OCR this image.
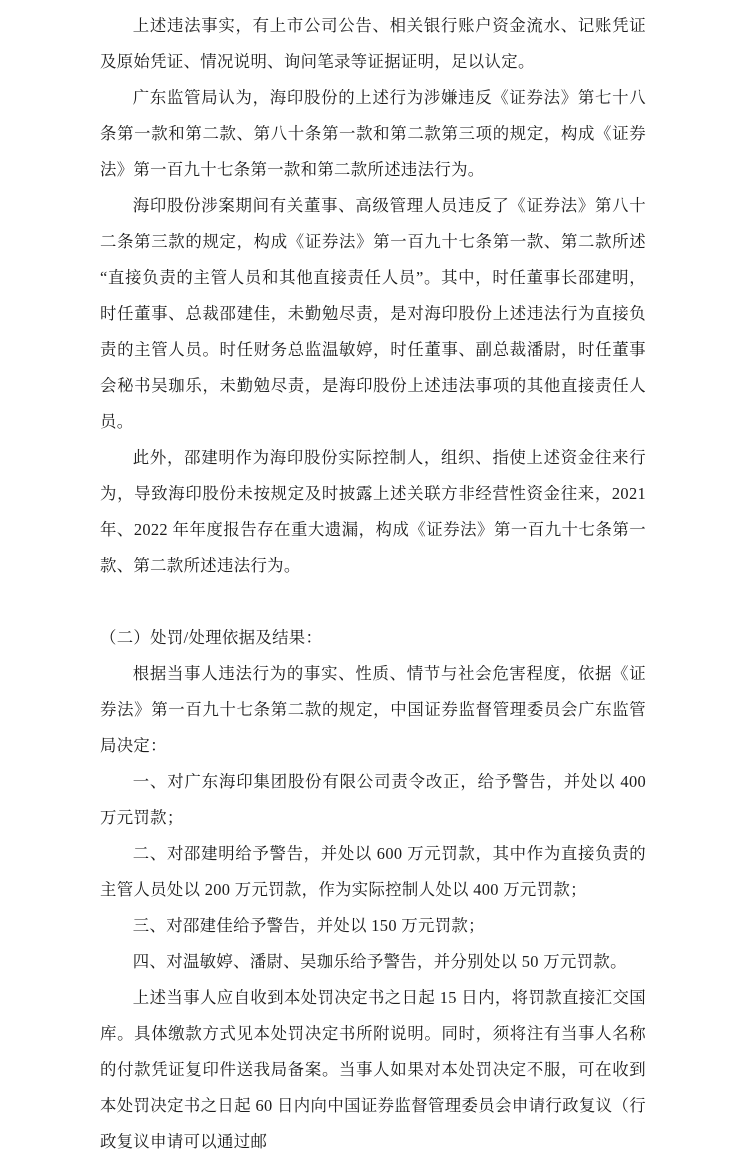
上述违法事实，有上市公司公告、相关银行账户资金流水、记账凭证及原始凭证、情况说明、询问笔录等证据证明，足以认定。

广东监管局认为，海印股份的上述行为涉嫌违反《证券法》第七十八条第一款和第二款、第八十条第一款和第二款第三项的规定，构成《证券法》第一百九十七条第一款和第二款所述违法行为。

海印股份涉案期间有关董事、高级管理人员违反了《证券法》第八十二条第三款的规定，构成《证券法》第一百九十七条第一款、第二款所述“直接负责的主管人员和其他直接责任人员”。其中，时任董事长邵建明，时任董事、总裁邵建佳，未勤勉尽责，是对海印股份上述违法行为直接负责的主管人员。时任财务总监温敏婷，时任董事、副总裁潘尉，时任董事会秘书吴珈乐，未勤勉尽责，是海印股份上述违法事项的其他直接责任人员。

此外，邵建明作为海印股份实际控制人，组织、指使上述资金往来行为，导致海印股份未按规定及时披露上述关联方非经营性资金往来，2021 年、2022 年年度报告存在重大遗漏，构成《证券法》第一百九十七条第一款、第二款所述违法行为。

（二）处罚/处理依据及结果：

根据当事人违法行为的事实、性质、情节与社会危害程度，依据《证券法》第一百九十七条第二款的规定，中国证券监督管理委员会广东监管局决定：

一、对广东海印集团股份有限公司责令改正，给予警告，并处以 400 万元罚款；

二、对邵建明给予警告，并处以 600 万元罚款，其中作为直接负责的主管人员处以 200 万元罚款，作为实际控制人处以 400 万元罚款；

三、对邵建佳给予警告，并处以 150 万元罚款；

四、对温敏婷、潘尉、吴珈乐给予警告，并分别处以 50 万元罚款。

上述当事人应自收到本处罚决定书之日起 15 日内，将罚款直接汇交国库。具体缴款方式见本处罚决定书所附说明。同时，须将注有当事人名称的付款凭证复印件送我局备案。当事人如果对本处罚决定不服，可在收到本处罚决定书之日起 60 日内向中国证券监督管理委员会申请行政复议（行政复议申请可以通过邮
